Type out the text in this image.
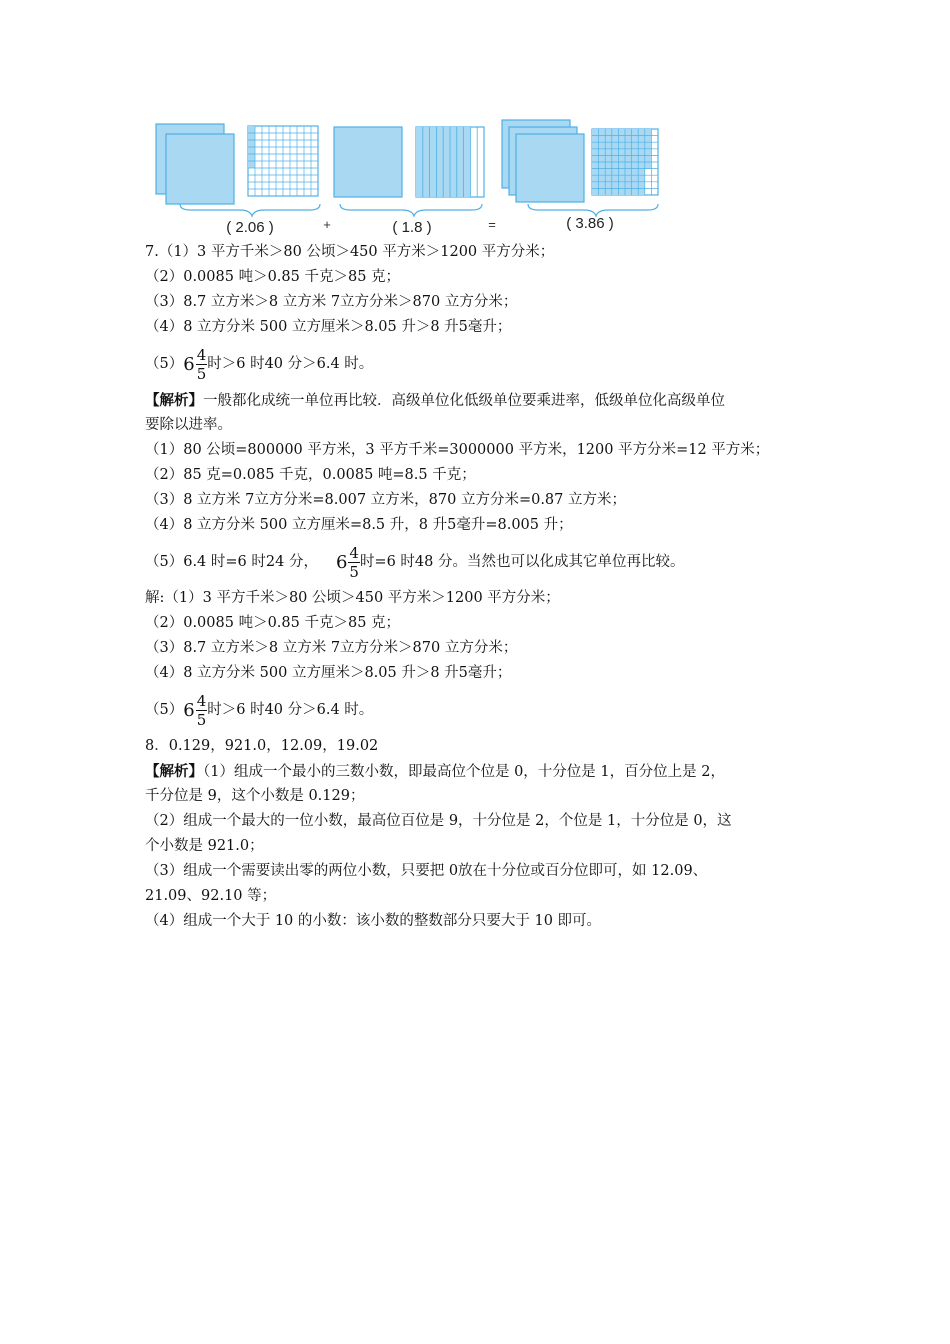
( 2.06 )	+	( 1.8 )	=	( 3.86 )
7.（1）3 平方千米＞80 公顷＞450 平方米＞1200 平方分米；
（2）0.0085 吨＞0.85 千克＞85 克；
（3）8.7 立方米＞8 立方米 7立方分米＞870 立方分米；
（4）8 立方分米 500 立方厘米＞8.05 升＞8 升5毫升；
（5） $6 \frac{4}{5}$ 时＞6 时40 分＞6.4 时。
【解析】一般都化成统一单位再比较．高级单位化低级单位要乘进率，低级单位化高级单位
要除以进率。
（1）80 公顷=800000 平方米，3 平方千米=3000000 平方米，1200 平方分米=12 平方米；
（2）85 克=0.085 千克，0.0085 吨=8.5 千克；
（3）8 立方米 7立方分米=8.007 立方米，870 立方分米=0.87 立方米；
（4）8 立方分米 500 立方厘米=8.5 升，8 升5毫升=8.005 升；
（5）6.4 时=6 时24 分， $6 \frac{4}{5}$ 时=6 时48 分。当然也可以化成其它单位再比较。
解:（1）3 平方千米＞80 公顷＞450 平方米＞1200 平方分米；
（2）0.0085 吨＞0.85 千克＞85 克；
（3）8.7 立方米＞8 立方米 7立方分米＞870 立方分米；
（4）8 立方分米 500 立方厘米＞8.05 升＞8 升5毫升；
（5） $6 \frac{4}{5}$ 时＞6 时40 分＞6.4 时。
8．0.129，921.0，12.09，19.02
【解析】（1）组成一个最小的三数小数，即最高位个位是 0，十分位是 1，百分位上是 2，
千分位是 9，这个小数是 0.129；
（2）组成一个最大的一位小数，最高位百位是 9，十分位是 2，个位是 1，十分位是 0，这
个小数是 921.0；
（3）组成一个需要读出零的两位小数，只要把 0放在十分位或百分位即可，如 12.09、
21.09、92.10 等；
（4）组成一个大于 10 的小数：该小数的整数部分只要大于 10 即可。
